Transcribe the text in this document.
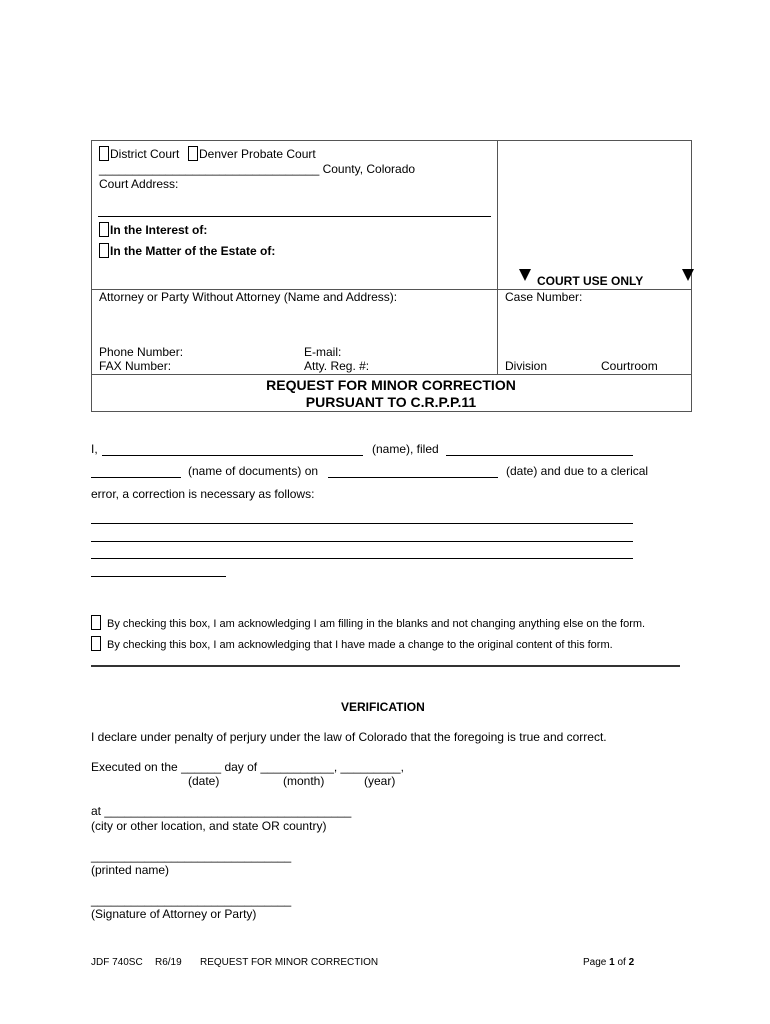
District Court	Denver Probate Court
_________________________________ County, Colorado
Court Address:
In the Interest of:
In the Matter of the Estate of:
COURT USE ONLY
Attorney or Party Without Attorney (Name and Address):
Phone Number:	E-mail:
FAX Number:	Atty. Reg. #:
Case Number:
Division	Courtroom
REQUEST FOR MINOR CORRECTION
PURSUANT TO C.R.P.P.11
I,	(name), filed
(name of documents) on	(date) and due to a clerical
error, a correction is necessary as follows:
By checking this box, I am acknowledging I am filling in the blanks and not changing anything else on the form.
By checking this box, I am acknowledging that I have made a change to the original content of this form.
VERIFICATION
I declare under penalty of perjury under the law of Colorado that the foregoing is true and correct.
Executed on the ______ day of ___________, _________,
(date)	(month)	(year)
at _____________________________________
(city or other location, and state OR country)
______________________________
(printed name)
______________________________
(Signature of Attorney or Party)
JDF 740SC R6/19 REQUEST FOR MINOR CORRECTION	Page 1 of 2
